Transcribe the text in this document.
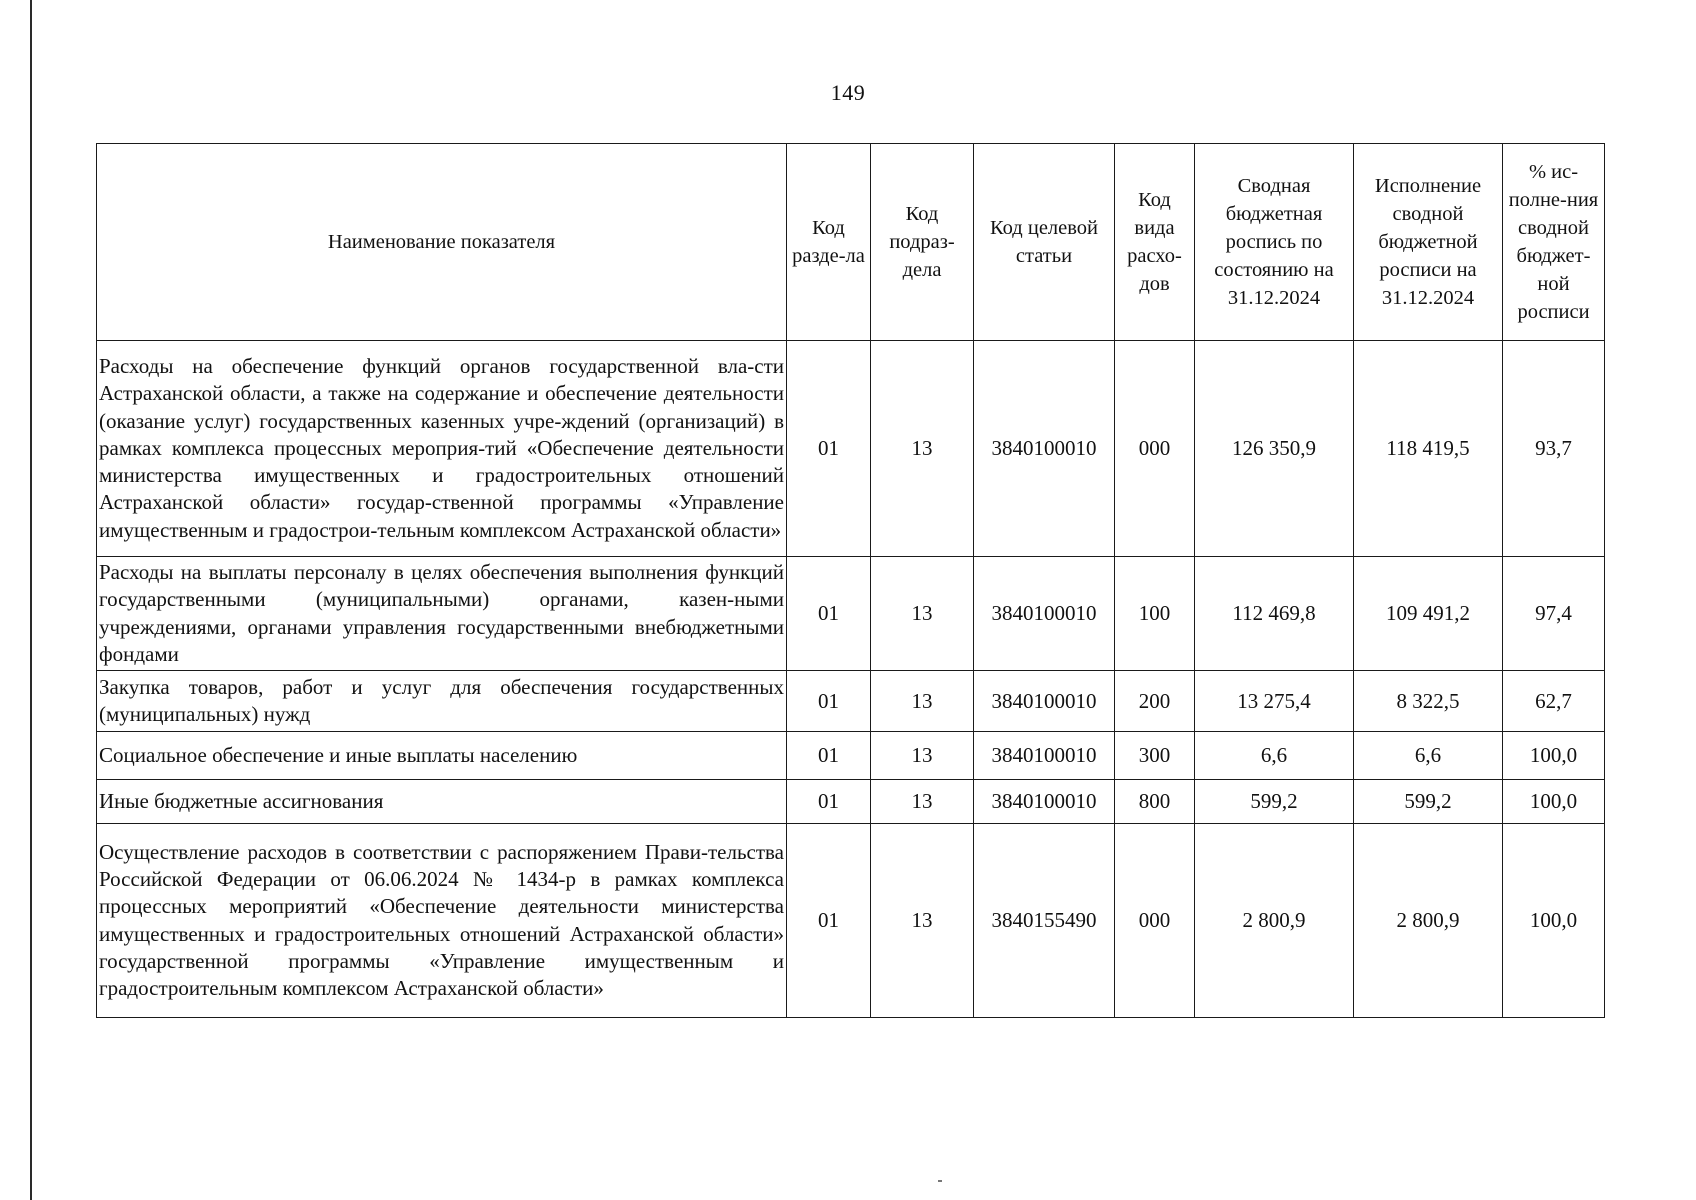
149
Наименование показателя	Код разде-ла	Код подраз-дела	Код целевой статьи	Код вида расхо-дов	Сводная бюджетная роспись по состоянию на 31.12.2024	Исполнение сводной бюджетной росписи на 31.12.2024	% ис-полне-ния сводной бюджет-ной росписи
Расходы на обеспечение функций органов государственной вла-сти Астраханской области, а также на содержание и обеспечение деятельности (оказание услуг) государственных казенных учре-ждений (организаций) в рамках комплекса процессных мероприя-тий «Обеспечение деятельности министерства имущественных и градостроительных отношений Астраханской области» государ-ственной программы «Управление имущественным и градострои-тельным комплексом Астраханской области»	01	13	3840100010	000	126 350,9	118 419,5	93,7
Расходы на выплаты персоналу в целях обеспечения выполнения функций государственными (муниципальными) органами, казен-ными учреждениями, органами управления государственными внебюджетными фондами	01	13	3840100010	100	112 469,8	109 491,2	97,4
Закупка товаров, работ и услуг для обеспечения государственных (муниципальных) нужд	01	13	3840100010	200	13 275,4	8 322,5	62,7
Социальное обеспечение и иные выплаты населению	01	13	3840100010	300	6,6	6,6	100,0
Иные бюджетные ассигнования	01	13	3840100010	800	599,2	599,2	100,0
Осуществление расходов в соответствии с распоряжением Прави-тельства Российской Федерации от 06.06.2024 № 1434-р в рамках комплекса процессных мероприятий «Обеспечение деятельности министерства имущественных и градостроительных отношений Астраханской области» государственной программы «Управление имущественным и градостроительным комплексом Астраханской области»	01	13	3840155490	000	2 800,9	2 800,9	100,0
